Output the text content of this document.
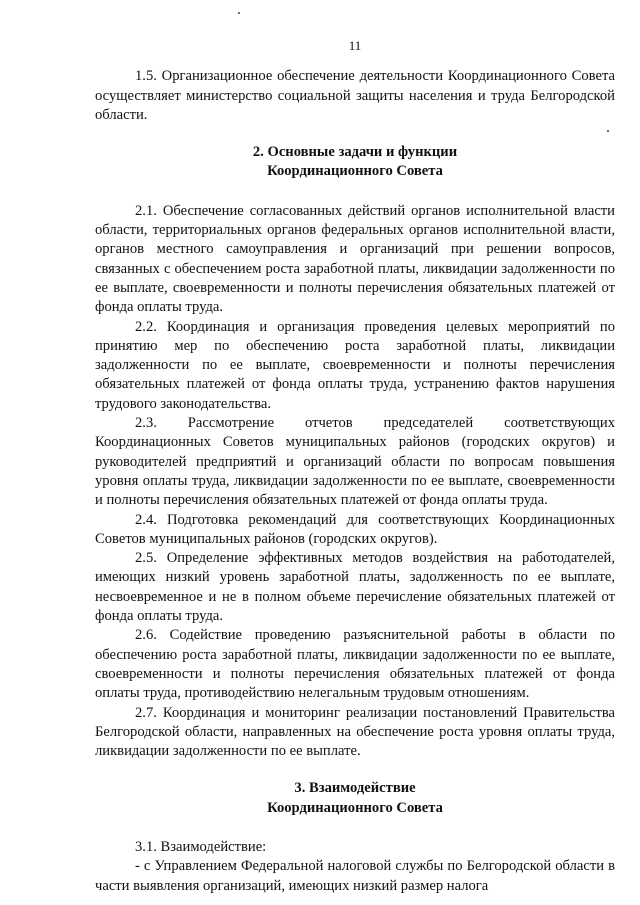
11

1.5. Организационное обеспечение деятельности Координационного Совета осуществляет министерство социальной защиты населения и труда Белгородской области.

2. Основные задачи и функции
Координационного Совета

2.1. Обеспечение согласованных действий органов исполнительной власти области, территориальных органов федеральных органов исполнительной власти, органов местного самоуправления и организаций при решении вопросов, связанных с обеспечением роста заработной платы, ликвидации задолженности по ее выплате, своевременности и полноты перечисления обязательных платежей от фонда оплаты труда.

2.2. Координация и организация проведения целевых мероприятий по принятию мер по обеспечению роста заработной платы, ликвидации задолженности по ее выплате, своевременности и полноты перечисления обязательных платежей от фонда оплаты труда, устранению фактов нарушения трудового законодательства.

2.3. Рассмотрение отчетов председателей соответствующих Координационных Советов муниципальных районов (городских округов) и руководителей предприятий и организаций области по вопросам повышения уровня оплаты труда, ликвидации задолженности по ее выплате, своевременности и полноты перечисления обязательных платежей от фонда оплаты труда.

2.4. Подготовка рекомендаций для соответствующих Координационных Советов муниципальных районов (городских округов).

2.5. Определение эффективных методов воздействия на работодателей, имеющих низкий уровень заработной платы, задолженность по ее выплате, несвоевременное и не в полном объеме перечисление обязательных платежей от фонда оплаты труда.

2.6. Содействие проведению разъяснительной работы в области по обеспечению роста заработной платы, ликвидации задолженности по ее выплате, своевременности и полноты перечисления обязательных платежей от фонда оплаты труда, противодействию нелегальным трудовым отношениям.

2.7. Координация и мониторинг реализации постановлений Правительства Белгородской области, направленных на обеспечение роста уровня оплаты труда, ликвидации задолженности по ее выплате.

3. Взаимодействие
Координационного Совета

3.1. Взаимодействие:

- с Управлением Федеральной налоговой службы по Белгородской области в части выявления организаций, имеющих низкий размер налога
